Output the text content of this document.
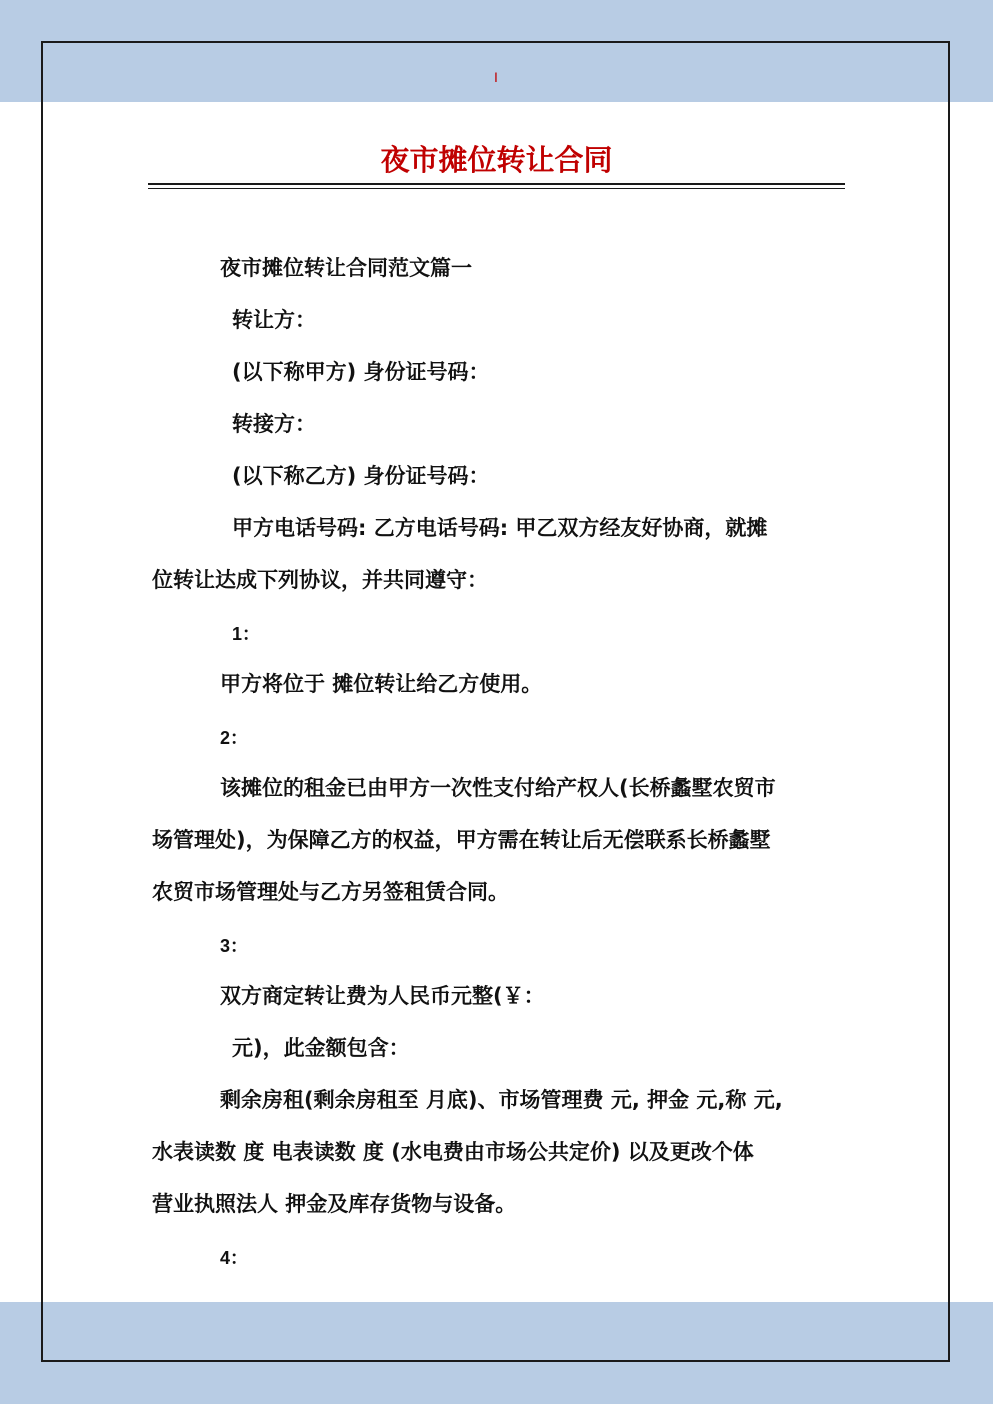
I
夜市摊位转让合同
夜市摊位转让合同范文篇一
转让方：
(以下称甲方) 身份证号码：
转接方：
(以下称乙方) 身份证号码：
甲方电话号码: 乙方电话号码: 甲乙双方经友好协商，就摊
位转让达成下列协议，并共同遵守：
1：
甲方将位于 摊位转让给乙方使用。
2：
该摊位的租金已由甲方一次性支付给产权人(长桥蠡墅农贸市
场管理处)，为保障乙方的权益，甲方需在转让后无偿联系长桥蠡墅
农贸市场管理处与乙方另签租赁合同。
3：
双方商定转让费为人民币元整(￥：
元)，此金额包含：
剩余房租(剩余房租至 月底)、市场管理费 元, 押金 元,称 元,
水表读数 度 电表读数 度 (水电费由市场公共定价) 以及更改个体
营业执照法人 押金及库存货物与设备。
4：
